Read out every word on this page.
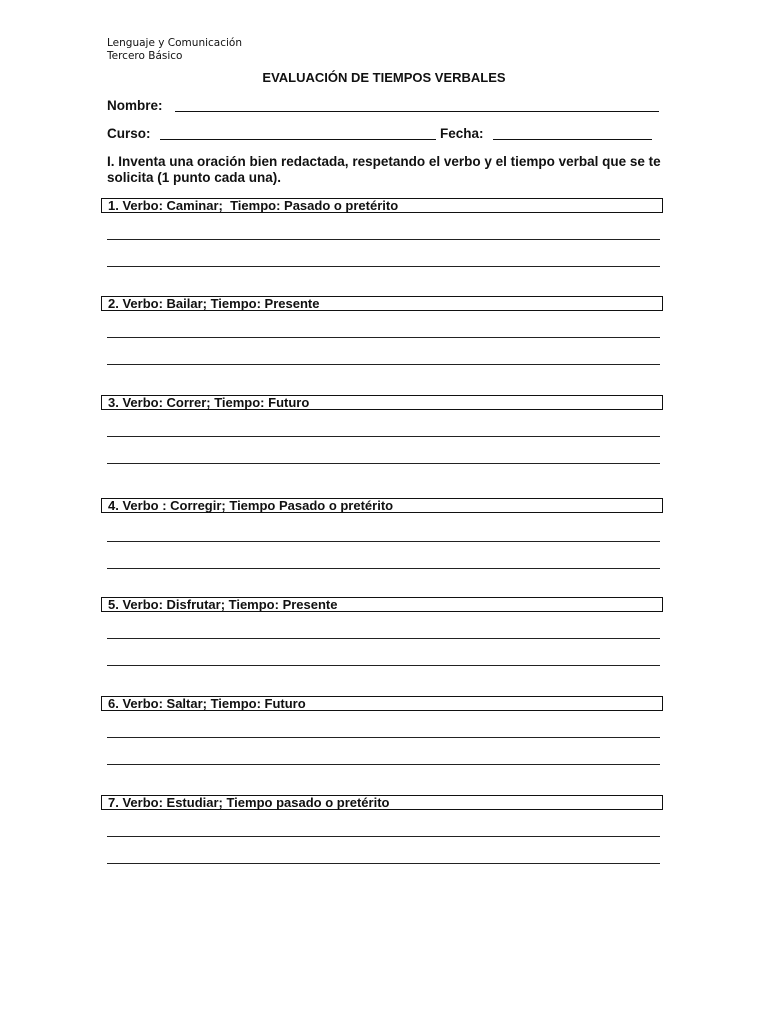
Lenguaje y Comunicación
Tercero Básico
EVALUACIÓN DE TIEMPOS VERBALES
Nombre:
Curso:	Fecha:
I. Inventa una oración bien redactada, respetando el verbo y el tiempo verbal que se te solicita (1 punto cada una).
1. Verbo: Caminar;  Tiempo: Pasado o pretérito
2. Verbo: Bailar; Tiempo: Presente
3. Verbo: Correr; Tiempo: Futuro
4. Verbo : Corregir; Tiempo Pasado o pretérito
5. Verbo: Disfrutar; Tiempo: Presente
6. Verbo: Saltar; Tiempo: Futuro
7. Verbo: Estudiar; Tiempo pasado o pretérito
